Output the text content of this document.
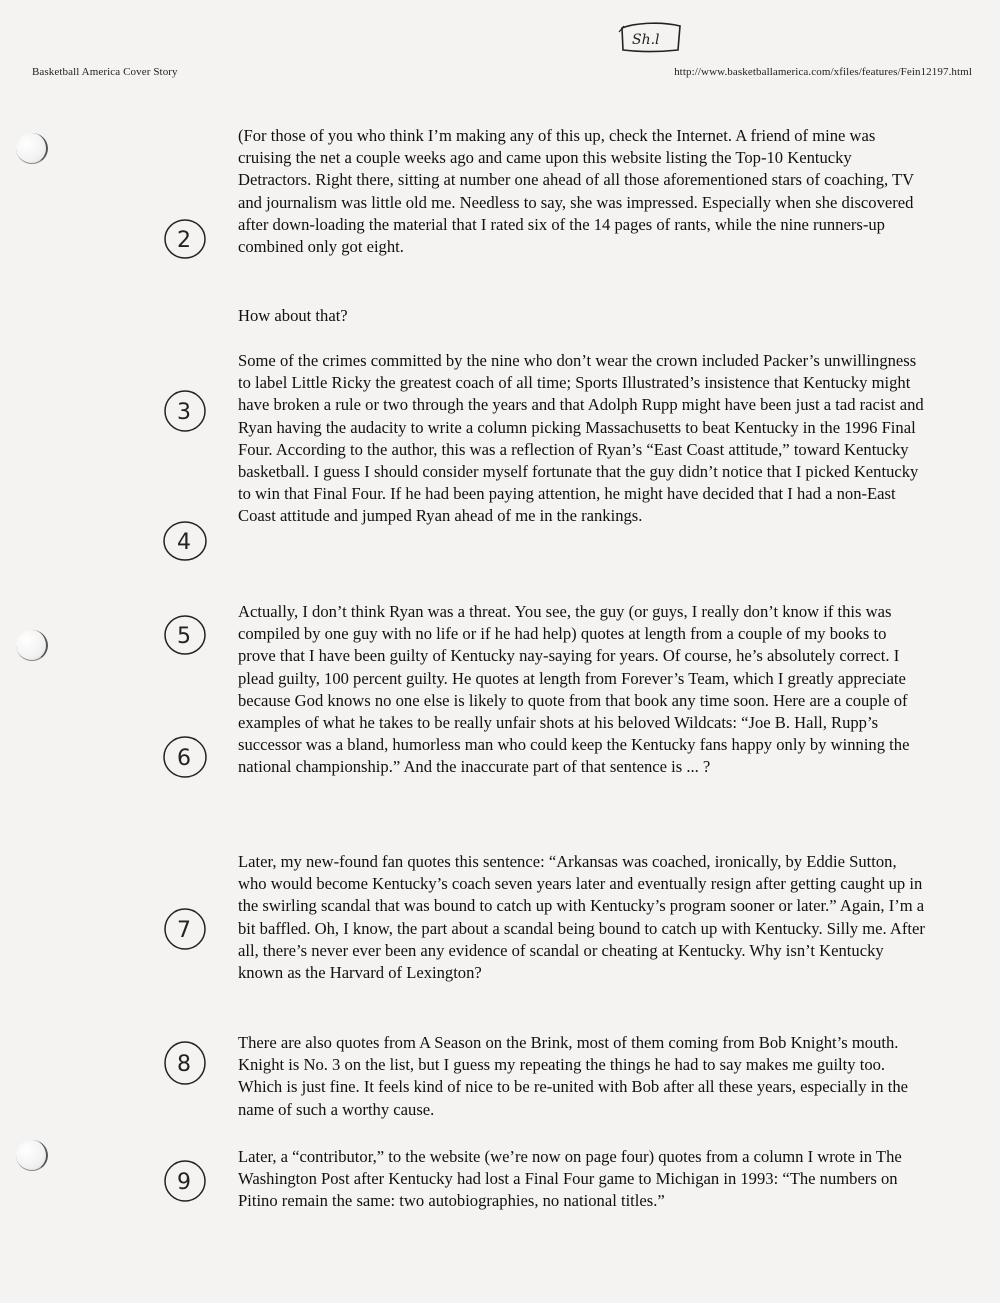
Basketball America Cover Story	http://www.basketballamerica.com/xfiles/features/Fein12197.html
Sh.l
2
3
4
5
6
7
8
9

(For those of you who think I’m making any of this up, check the Internet. A friend of mine was cruising the net a couple weeks ago and came upon this website listing the Top-10 Kentucky Detractors. Right there, sitting at number one ahead of all those aforementioned stars of coaching, TV and journalism was little old me. Needless to say, she was impressed. Especially when she discovered after down-loading the material that I rated six of the 14 pages of rants, while the nine runners-up combined only got eight.

How about that?

Some of the crimes committed by the nine who don’t wear the crown included Packer’s unwillingness to label Little Ricky the greatest coach of all time; Sports Illustrated’s insistence that Kentucky might have broken a rule or two through the years and that Adolph Rupp might have been just a tad racist and Ryan having the audacity to write a column picking Massachusetts to beat Kentucky in the 1996 Final Four. According to the author, this was a reflection of Ryan’s “East Coast attitude,” toward Kentucky basketball. I guess I should consider myself fortunate that the guy didn’t notice that I picked Kentucky to win that Final Four. If he had been paying attention, he might have decided that I had a non-East Coast attitude and jumped Ryan ahead of me in the rankings.

Actually, I don’t think Ryan was a threat. You see, the guy (or guys, I really don’t know if this was compiled by one guy with no life or if he had help) quotes at length from a couple of my books to prove that I have been guilty of Kentucky nay-saying for years. Of course, he’s absolutely correct. I plead guilty, 100 percent guilty. He quotes at length from Forever’s Team, which I greatly appreciate because God knows no one else is likely to quote from that book any time soon. Here are a couple of examples of what he takes to be really unfair shots at his beloved Wildcats: “Joe B. Hall, Rupp’s successor was a bland, humorless man who could keep the Kentucky fans happy only by winning the national championship.” And the inaccurate part of that sentence is ... ?

Later, my new-found fan quotes this sentence: “Arkansas was coached, ironically, by Eddie Sutton, who would become Kentucky’s coach seven years later and eventually resign after getting caught up in the swirling scandal that was bound to catch up with Kentucky’s program sooner or later.” Again, I’m a bit baffled. Oh, I know, the part about a scandal being bound to catch up with Kentucky. Silly me. After all, there’s never ever been any evidence of scandal or cheating at Kentucky. Why isn’t Kentucky known as the Harvard of Lexington?

There are also quotes from A Season on the Brink, most of them coming from Bob Knight’s mouth. Knight is No. 3 on the list, but I guess my repeating the things he had to say makes me guilty too. Which is just fine. It feels kind of nice to be re-united with Bob after all these years, especially in the name of such a worthy cause.

Later, a “contributor,” to the website (we’re now on page four) quotes from a column I wrote in The Washington Post after Kentucky had lost a Final Four game to Michigan in 1993: “The numbers on Pitino remain the same: two autobiographies, no national titles.”
